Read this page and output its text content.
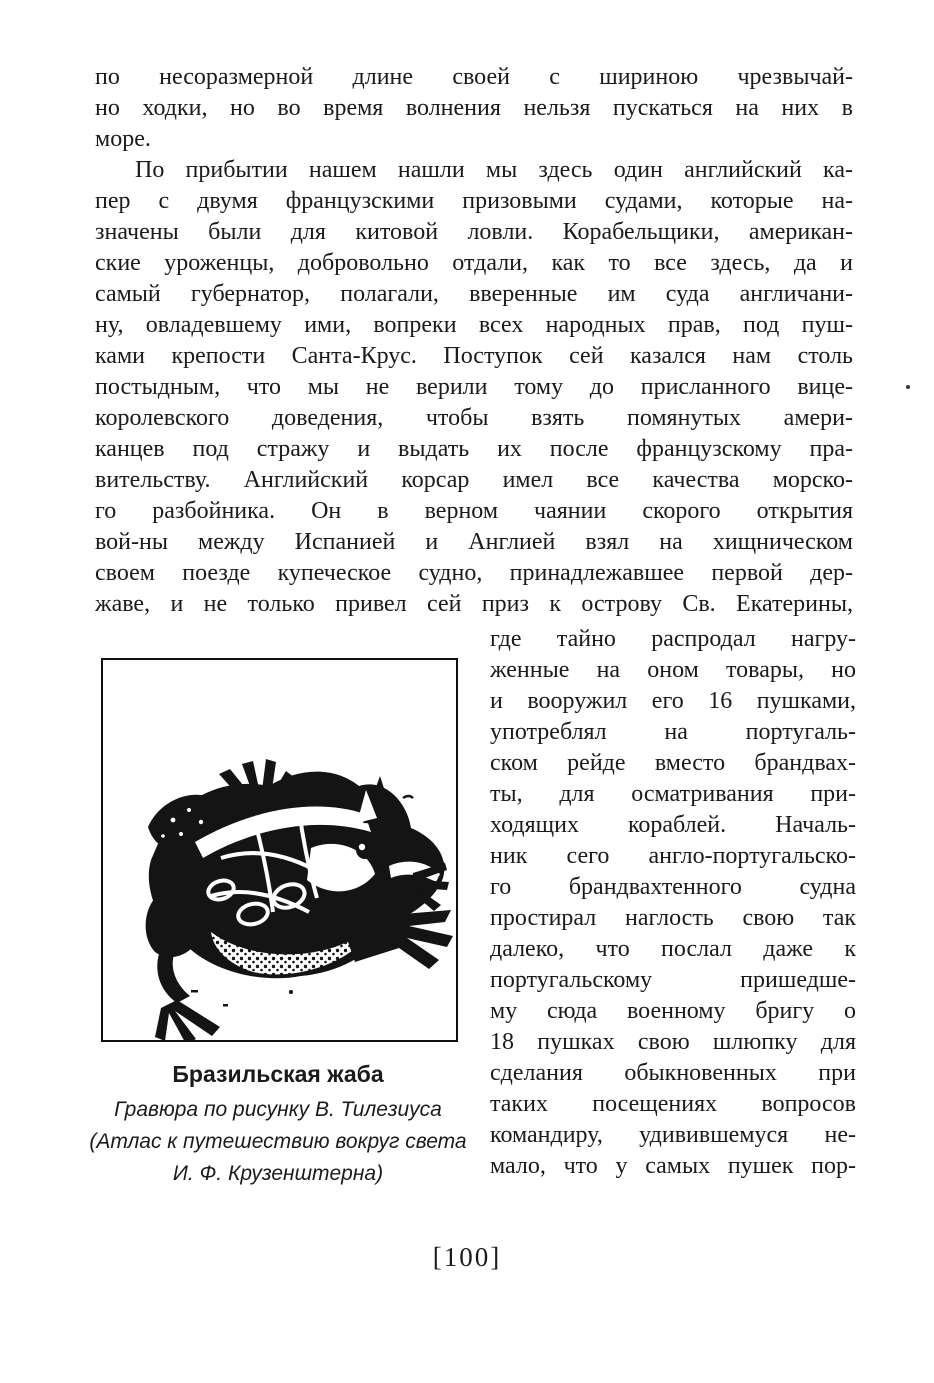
по несоразмерной длине своей с шириною чрезвычай-
но ходки, но во время волнения нельзя пускаться на них в
море.
По прибытии нашем нашли мы здесь один английский ка-
пер с двумя французскими призовыми судами, которые на-
значены были для китовой ловли. Корабельщики, американ-
ские уроженцы, добровольно отдали, как то все здесь, да и
самый губернатор, полагали, вверенные им суда англичани-
ну, овладевшему ими, вопреки всех народных прав, под пуш-
ками крепости Санта-Крус. Поступок сей казался нам столь
постыдным, что мы не верили тому до присланного вице-
королевского доведения, чтобы взять помянутых амери-
канцев под стражу и выдать их после французскому пра-
вительству. Английский корсар имел все качества морско-
го разбойника. Он в верном чаянии скорого открытия
вой-ны между Испанией и Англией взял на хищническом
своем поезде купеческое судно, принадлежавшее первой дер-
жаве, и не только привел сей приз к острову Св. Екатерины,
где тайно распродал нагру-
женные на оном товары, но
и вооружил его 16 пушками,
употреблял на португаль-
ском рейде вместо брандвах-
ты, для осматривания при-
ходящих кораблей. Началь-
ник сего англо-португальско-
го брандвахтенного судна
простирал наглость свою так
далеко, что послал даже к
португальскому пришедше-
му сюда военному бригу о
18 пушках свою шлюпку для
сделания обыкновенных при
таких посещениях вопросов
командиру, удивившемуся не-
мало, что у самых пушек пор-
Бразильская жаба
Гравюра по рисунку В. Тилезиуса
(Атлас к путешествию вокруг света
И. Ф. Крузенштерна)
[100]
